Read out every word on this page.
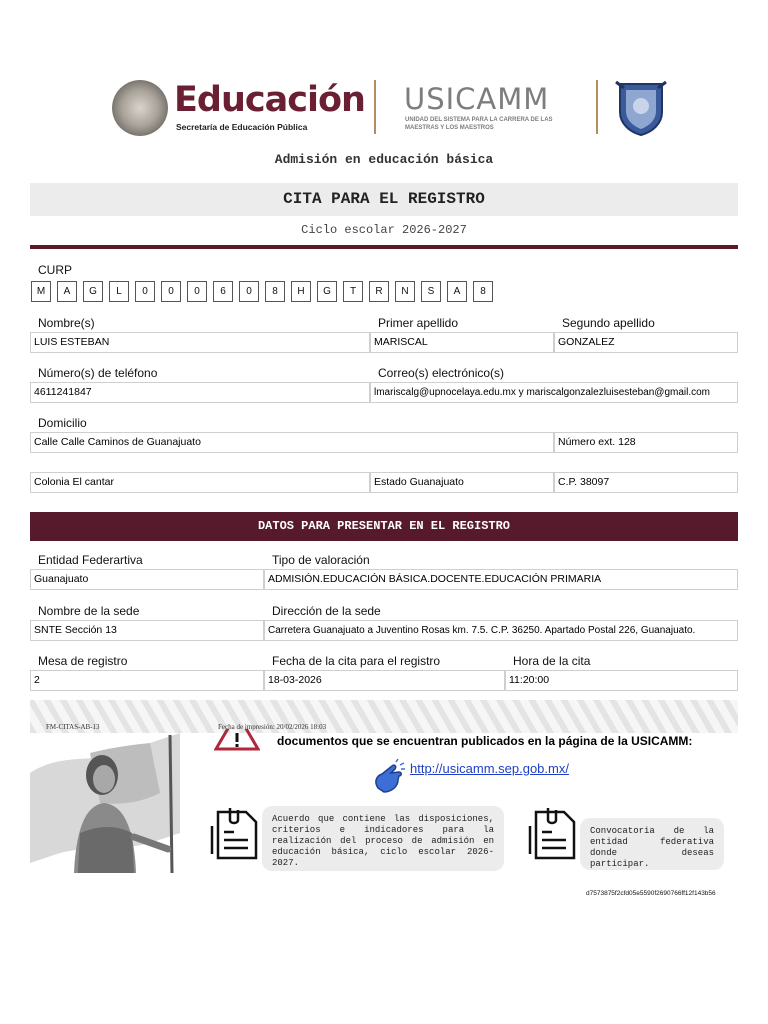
Educación
Secretaría de Educación Pública
USICAMM
UNIDAD DEL SISTEMA PARA LA CARRERA DE LAS MAESTRAS Y LOS MAESTROS
Admisión en educación básica
CITA PARA EL REGISTRO
Ciclo escolar 2026-2027
CURP
M	A	G	L	0	0	0	6	0	8	H	G	T	R	N	S	A	8
Nombre(s)	Primer apellido	Segundo apellido
LUIS ESTEBAN	MARISCAL	GONZALEZ
Número(s) de teléfono	Correo(s) electrónico(s)
4611241847	lmariscalg@upnocelaya.edu.mx y mariscalgonzalezluisesteban@gmail.com
Domicilio
Calle Calle Caminos de Guanajuato	Número ext. 128
Colonia El cantar	Estado Guanajuato	C.P. 38097
DATOS PARA PRESENTAR EN EL REGISTRO
Entidad Federartiva	Tipo de valoración
Guanajuato	ADMISIÓN.EDUCACIÓN BÁSICA.DOCENTE.EDUCACIÓN PRIMARIA
Nombre de la sede	Dirección de la sede
SNTE Sección 13	Carretera Guanajuato a Juventino Rosas km. 7.5. C.P. 36250. Apartado Postal 226, Guanajuato.
Mesa de registro	Fecha de la cita para el registro	Hora de la cita
2	18-03-2026	11:20:00
FM-CITAS-AB-13	Fecha de impresión: 20/02/2026 18:03
documentos que se encuentran publicados en la página de la USICAMM:
http://usicamm.sep.gob.mx/
Acuerdo que contiene las disposiciones, criterios e indicadores para la realización del proceso de admisión en educación básica, ciclo escolar 2026-2027.
Convocatoria de la entidad federativa donde deseas participar.
d7573875f2cfd05e5590f2690766ff12f143b56
